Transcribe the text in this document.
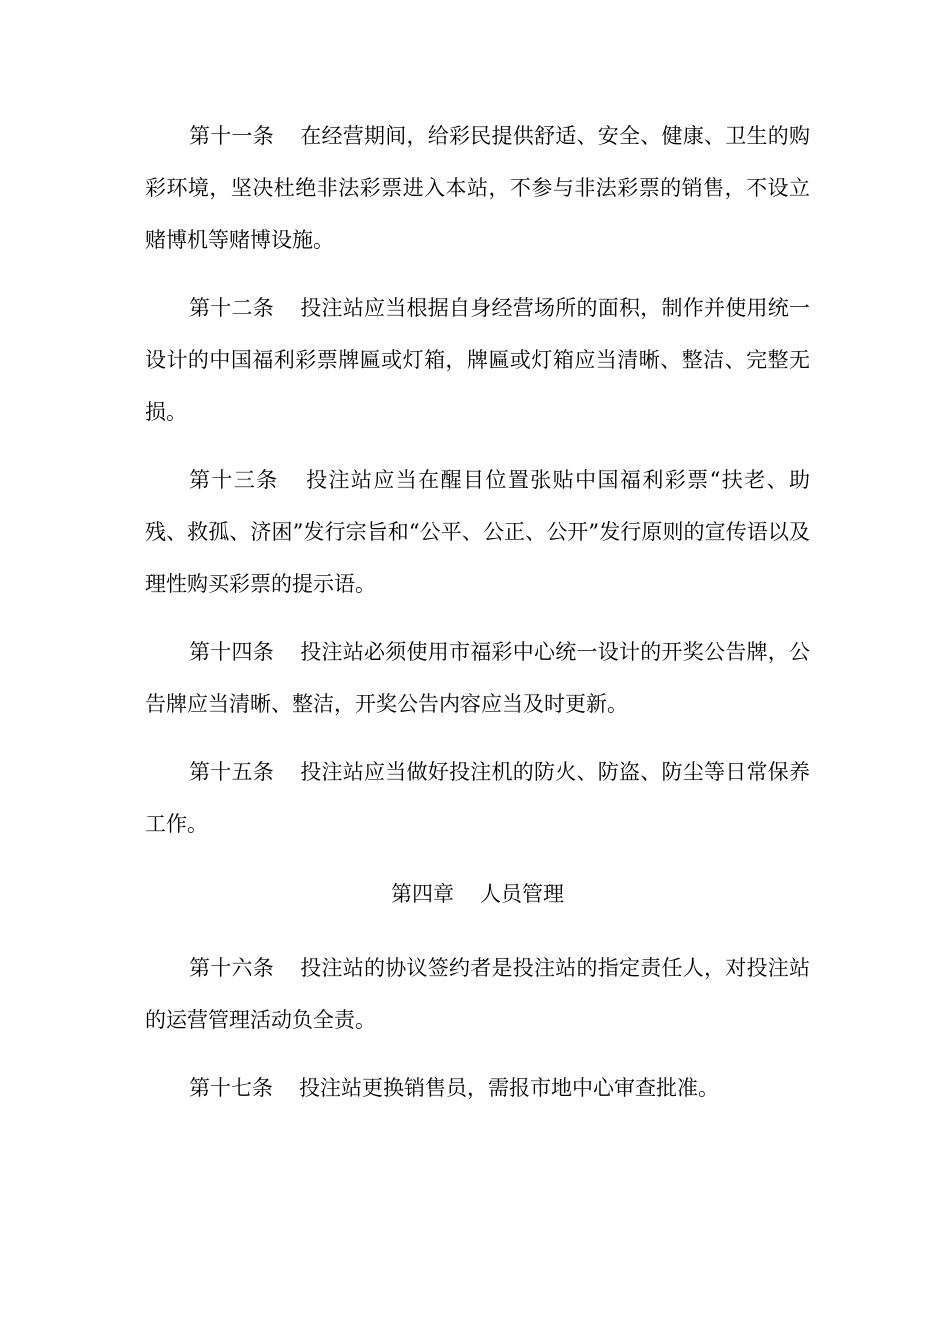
第十一条 在经营期间，给彩民提供舒适、安全、健康、卫生的购彩环境，坚决杜绝非法彩票进入本站，不参与非法彩票的销售，不设立赌博机等赌博设施。

第十二条 投注站应当根据自身经营场所的面积，制作并使用统一设计的中国福利彩票牌匾或灯箱，牌匾或灯箱应当清晰、整洁、完整无损。

第十三条 投注站应当在醒目位置张贴中国福利彩票“扶老、助残、救孤、济困”发行宗旨和“公平、公正、公开”发行原则的宣传语以及理性购买彩票的提示语。

第十四条 投注站必须使用市福彩中心统一设计的开奖公告牌，公告牌应当清晰、整洁，开奖公告内容应当及时更新。

第十五条 投注站应当做好投注机的防火、防盗、防尘等日常保养工作。

第四章 人员管理

第十六条 投注站的协议签约者是投注站的指定责任人，对投注站的运营管理活动负全责。

第十七条 投注站更换销售员，需报市地中心审查批准。
